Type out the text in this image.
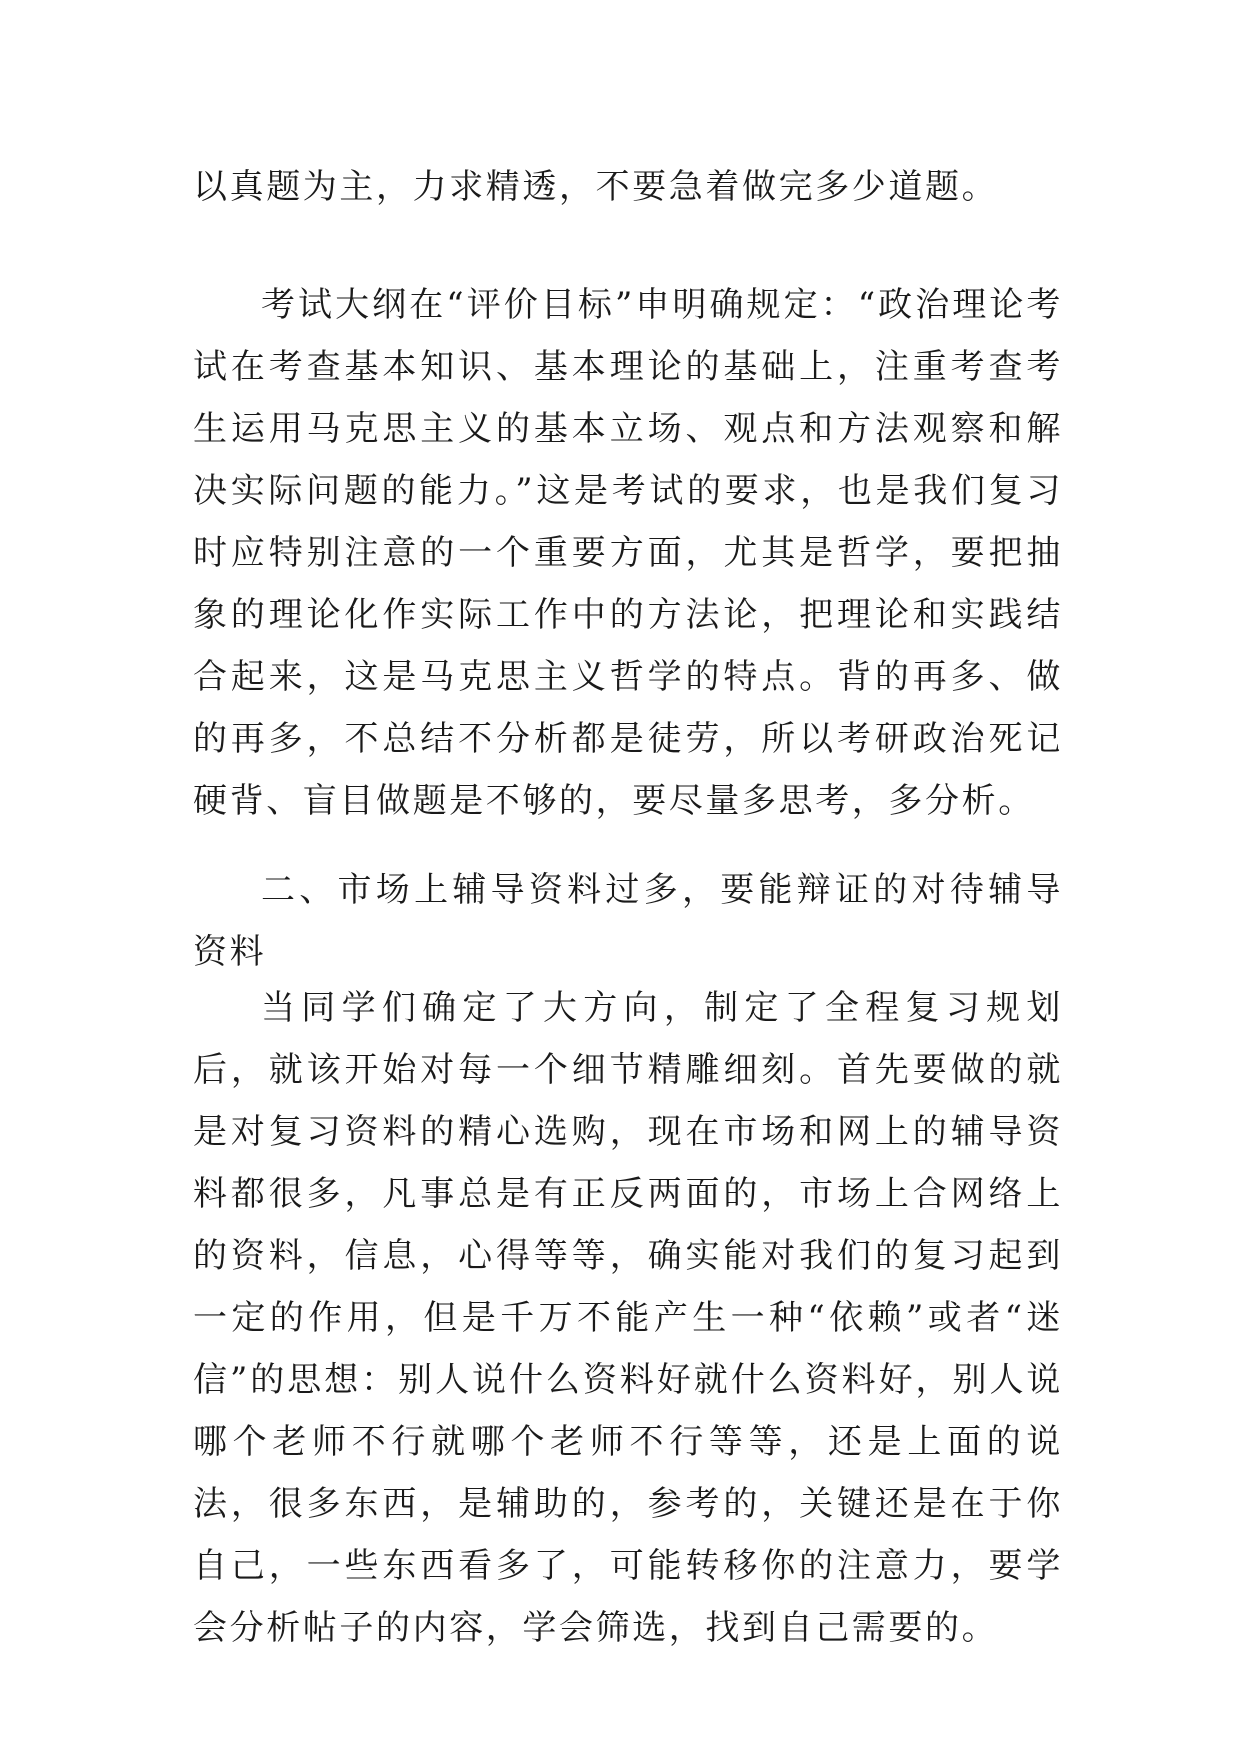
以真题为主，力求精透，不要急着做完多少道题。

考试大纲在“评价目标”申明确规定：“政治理论考试在考查基本知识、基本理论的基础上，注重考查考生运用马克思主义的基本立场、观点和方法观察和解决实际问题的能力。”这是考试的要求，也是我们复习时应特别注意的一个重要方面，尤其是哲学，要把抽象的理论化作实际工作中的方法论，把理论和实践结合起来，这是马克思主义哲学的特点。背的再多、做的再多，不总结不分析都是徒劳，所以考研政治死记硬背、盲目做题是不够的，要尽量多思考，多分析。

二、市场上辅导资料过多，要能辩证的对待辅导资料

当同学们确定了大方向，制定了全程复习规划后，就该开始对每一个细节精雕细刻。首先要做的就是对复习资料的精心选购，现在市场和网上的辅导资料都很多，凡事总是有正反两面的，市场上合网络上的资料，信息，心得等等，确实能对我们的复习起到一定的作用，但是千万不能产生一种“依赖”或者“迷信”的思想：别人说什么资料好就什么资料好，别人说哪个老师不行就哪个老师不行等等，还是上面的说法，很多东西，是辅助的，参考的，关键还是在于你自己，一些东西看多了，可能转移你的注意力，要学会分析帖子的内容，学会筛选，找到自己需要的。
